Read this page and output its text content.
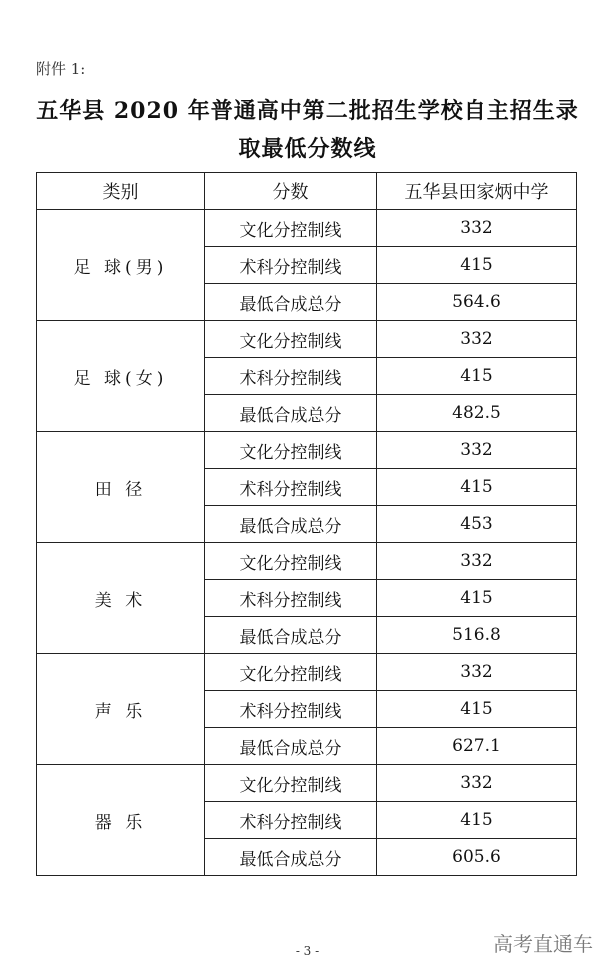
附件 1:
五华县 2020 年普通高中第二批招生学校自主招生录
取最低分数线
类别	分数	五华县田家炳中学
足 球(男)	文化分控制线	332
	术科分控制线	415
	最低合成总分	564.6
足 球(女)	文化分控制线	332
	术科分控制线	415
	最低合成总分	482.5
田 径	文化分控制线	332
	术科分控制线	415
	最低合成总分	453
美 术	文化分控制线	332
	术科分控制线	415
	最低合成总分	516.8
声 乐	文化分控制线	332
	术科分控制线	415
	最低合成总分	627.1
器 乐	文化分控制线	332
	术科分控制线	415
	最低合成总分	605.6
- 3 -	高考直通车
